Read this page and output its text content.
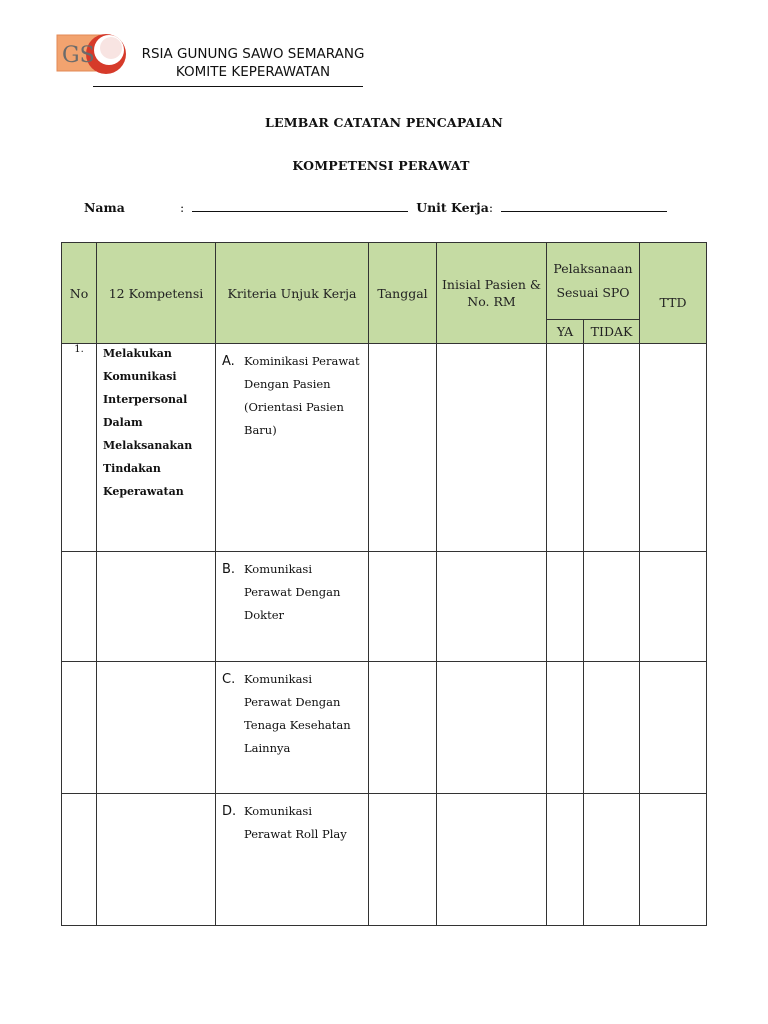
GS	RSIA GUNUNG SAWO SEMARANG
KOMITE KEPERAWATAN
LEMBAR CATATAN PENCAPAIAN
KOMPETENSI PERAWAT
Nama	:	Unit Kerja:
No	12 Kompetensi	Kriteria Unjuk Kerja	Tanggal	Inisial Pasien & No. RM	Pelaksanaan Sesuai SPO		TTD
					YA	TIDAK	
1.	Melakukan Komunikasi Interpersonal Dalam Melaksanakan Tindakan Keperawatan	A. Kominikasi Perawat Dengan Pasien (Orientasi Pasien Baru)					

		B. Komunikasi Perawat Dengan Dokter					

		C. Komunikasi Perawat Dengan Tenaga Kesehatan Lainnya					

		D. Komunikasi Perawat Roll Play					
